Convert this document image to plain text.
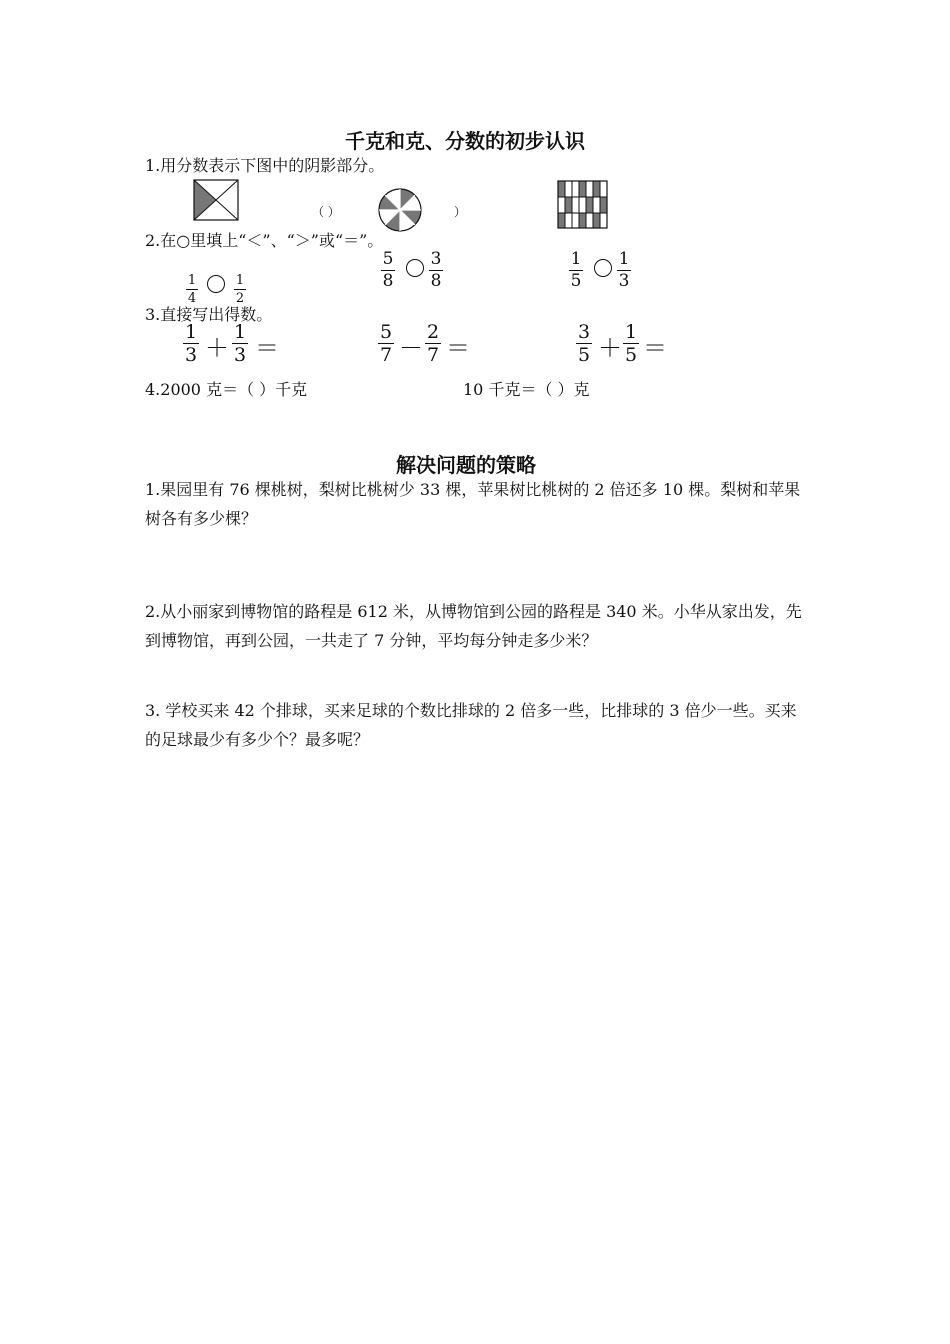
千克和克、分数的初步认识
1.用分数表示下图中的阴影部分。
（ ）	）
2.在○里填上“＜”、“＞”或“＝”。
1
4
1
2
5
8
3
8
1
5
1
3
3.直接写出得数。
1
3 ＋
1
3 ＝
5
7 －
2
7 ＝
3
5 ＋
1
5 ＝
4.2000 克＝（ ）千克	10 千克＝（ ）克
解决问题的策略
1.果园里有 76 棵桃树，梨树比桃树少 33 棵，苹果树比桃树的 2 倍还多 10 棵。梨树和苹果树各有多少棵？
2.从小丽家到博物馆的路程是 612 米，从博物馆到公园的路程是 340 米。小华从家出发，先到博物馆，再到公园，一共走了 7 分钟，平均每分钟走多少米？
3. 学校买来 42 个排球，买来足球的个数比排球的 2 倍多一些，比排球的 3 倍少一些。买来的足球最少有多少个？最多呢？
